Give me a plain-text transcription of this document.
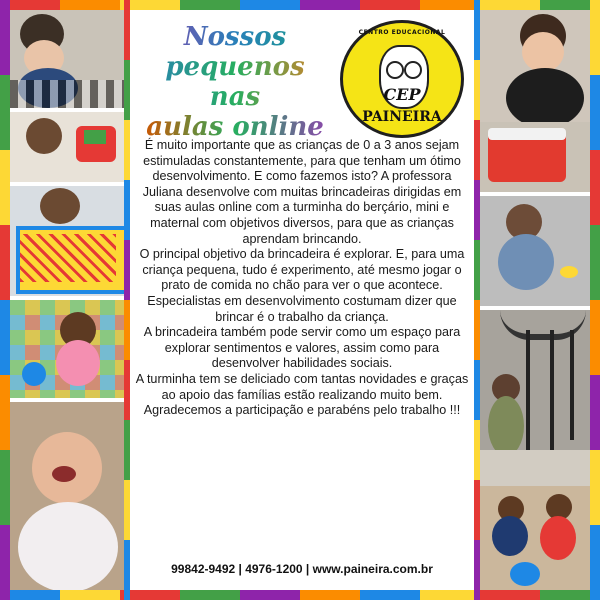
Nossos
pequenos nas
aulas online
CENTRO EDUCACIONAL
CEP
PAINEIRA

É muito importante que as crianças de 0 a 3 anos sejam estimuladas constantemente, para que tenham um ótimo desenvolvimento. E como fazemos isto? A professora Juliana desenvolve com muitas brincadeiras dirigidas em suas aulas online com a turminha do berçário, mini e maternal com objetivos diversos, para que as crianças aprendam brincando.

O principal objetivo da brincadeira é explorar. E, para uma criança pequena, tudo é experimento, até mesmo jogar o prato de comida no chão para ver o que acontece. Especialistas em desenvolvimento costumam dizer que brincar é o trabalho da criança.

A brincadeira também pode servir como um espaço para explorar sentimentos e valores, assim como para desenvolver habilidades sociais.

A turminha tem se deliciado com tantas novidades e graças ao apoio das famílias estão realizando muito bem. Agradecemos a participação e parabéns pelo trabalho !!!

99842-9492 | 4976-1200 | www.paineira.com.br
